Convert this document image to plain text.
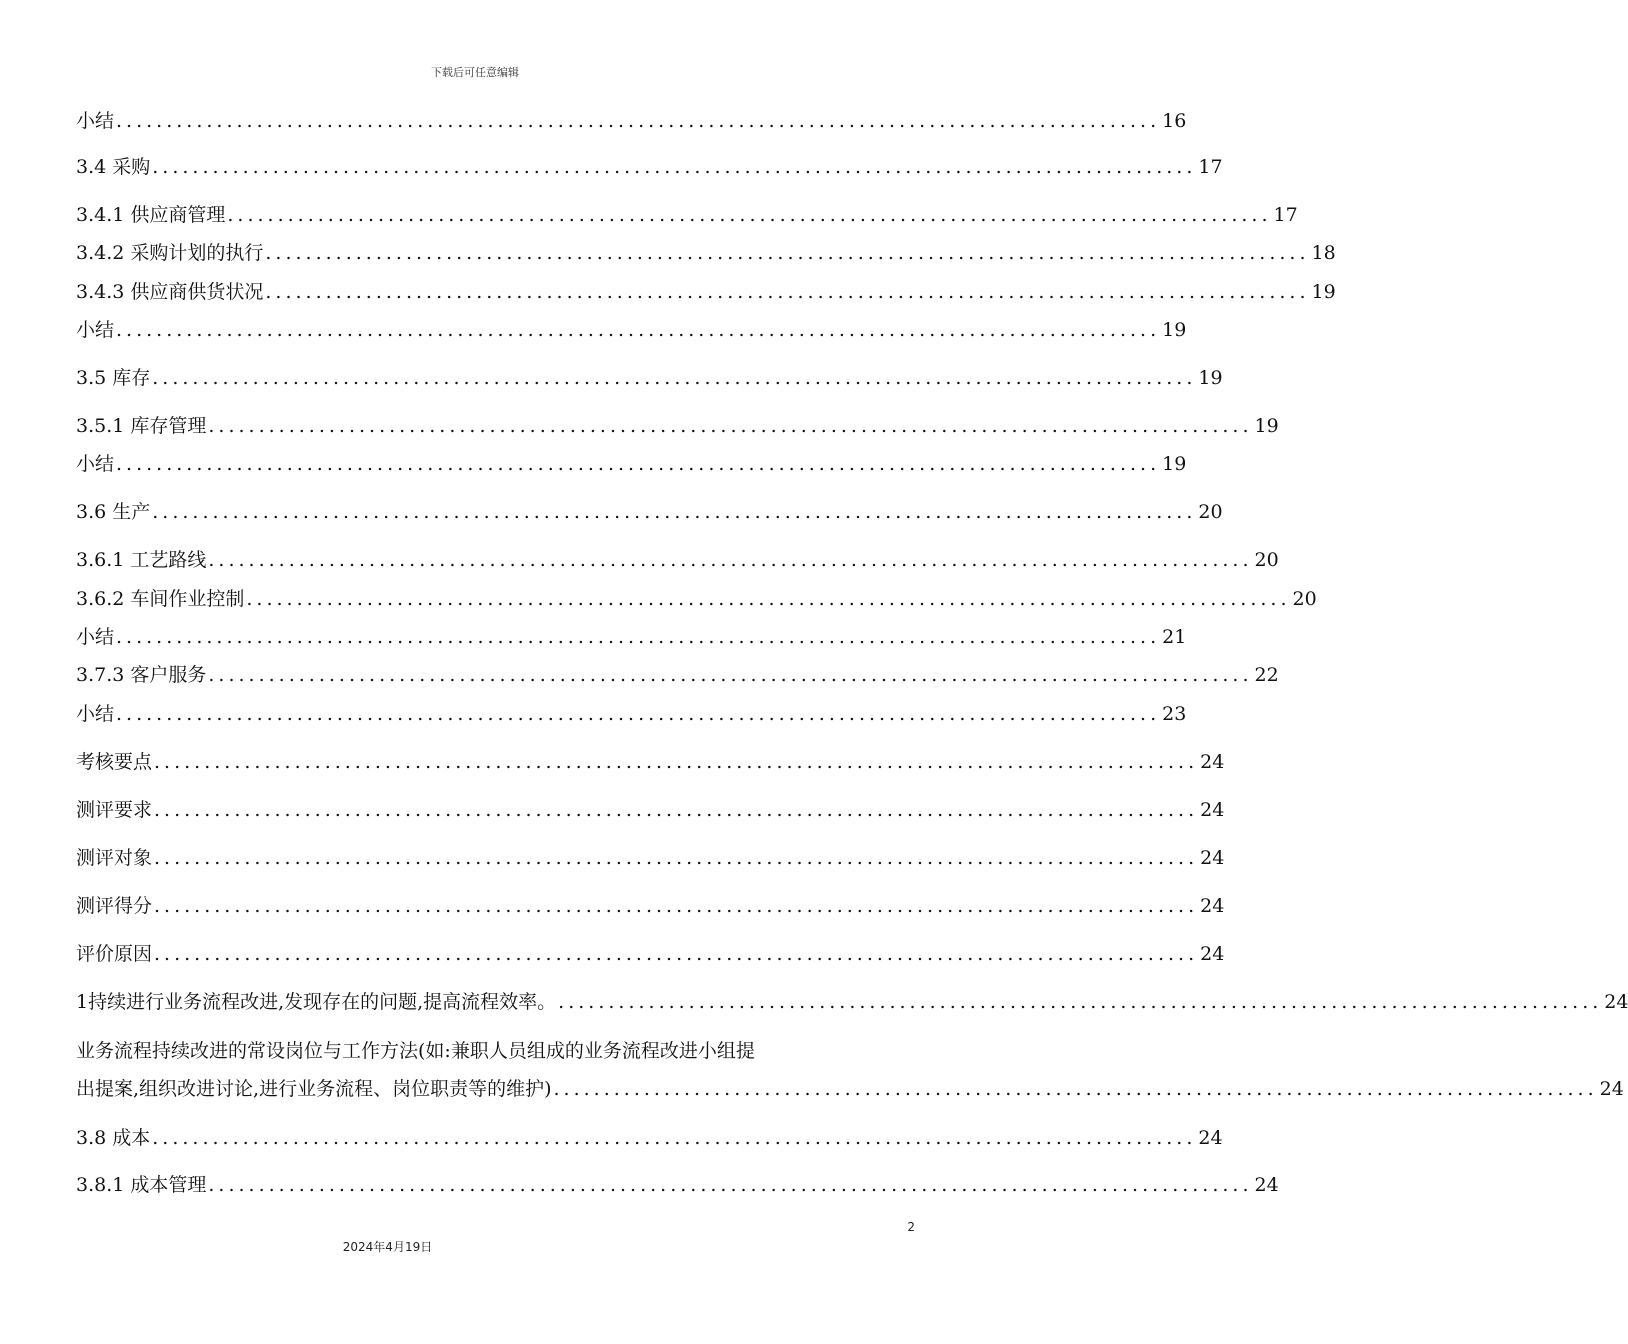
下载后可任意编辑
小结 ........................................................................................................ 16
3.4 采购 ........................................................................................................ 17
3.4.1 供应商管理 ........................................................................................................ 17
3.4.2 采购计划的执行 ........................................................................................................ 18
3.4.3 供应商供货状况 ........................................................................................................ 19
小结 ........................................................................................................ 19
3.5 库存 ........................................................................................................ 19
3.5.1 库存管理 ........................................................................................................ 19
小结 ........................................................................................................ 19
3.6 生产 ........................................................................................................ 20
3.6.1 工艺路线 ........................................................................................................ 20
3.6.2 车间作业控制 ........................................................................................................ 20
小结 ........................................................................................................ 21
3.7.3 客户服务 ........................................................................................................ 22
小结 ........................................................................................................ 23
考核要点 ........................................................................................................ 24
测评要求 ........................................................................................................ 24
测评对象 ........................................................................................................ 24
测评得分 ........................................................................................................ 24
评价原因 ........................................................................................................ 24
1持续进行业务流程改进,发现存在的问题,提高流程效率。 ........................................................................................................ 24
业务流程持续改进的常设岗位与工作方法(如:兼职人员组成的业务流程改进小组提
出提案,组织改进讨论,进行业务流程、岗位职责等的维护) ........................................................................................................ 24
3.8 成本 ........................................................................................................ 24
3.8.1 成本管理 ........................................................................................................ 24
2
2024年4月19日
